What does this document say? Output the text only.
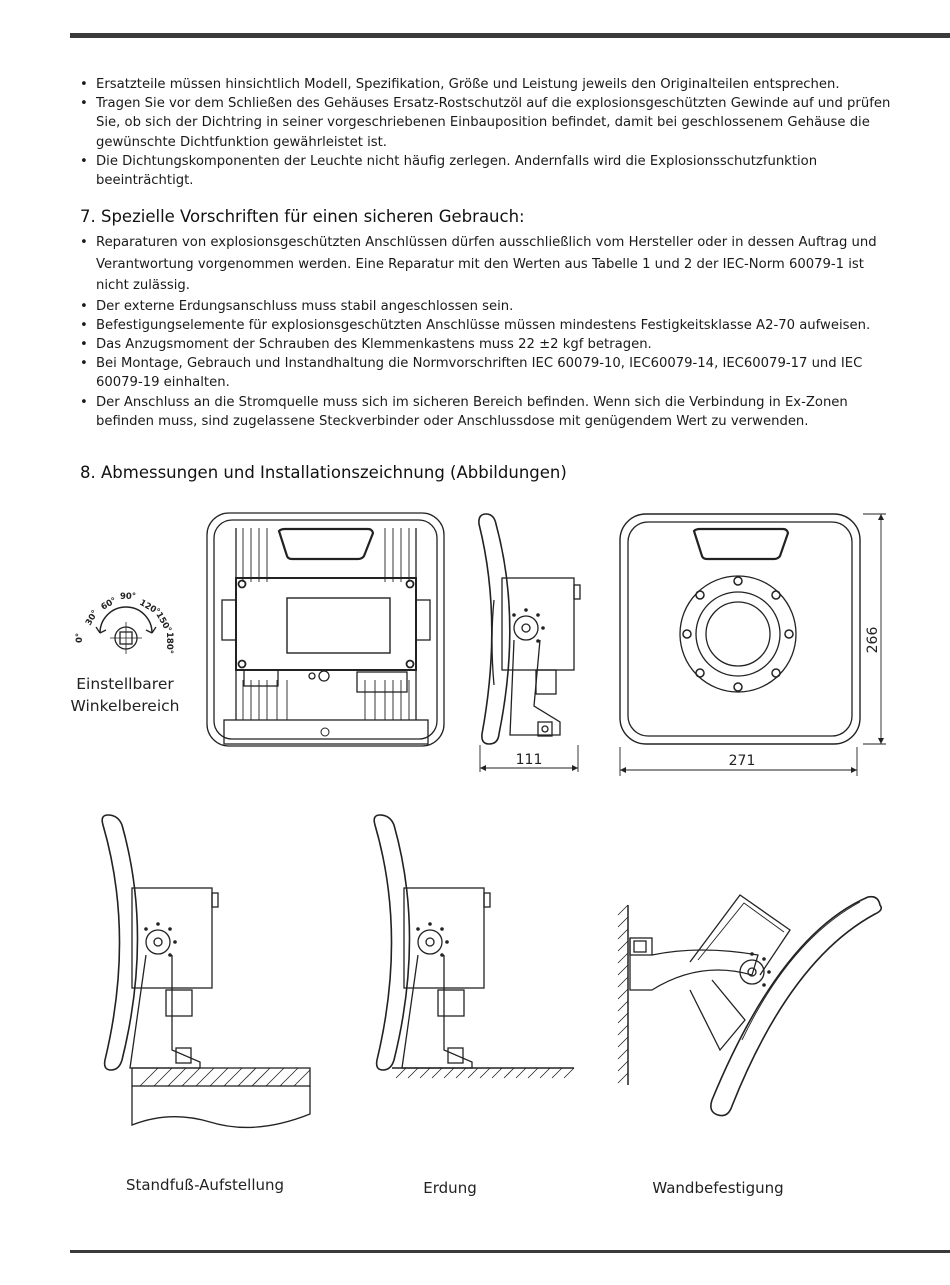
• Ersatzteile müssen hinsichtlich Modell, Spezifikation, Größe und Leistung jeweils den Originalteilen entsprechen.
• Tragen Sie vor dem Schließen des Gehäuses Ersatz-Rostschutzöl auf die explosionsgeschützten Gewinde auf und prüfen Sie, ob sich der Dichtring in seiner vorgeschriebenen Einbauposition befindet, damit bei geschlossenem Gehäuse die gewünschte Dichtfunktion gewährleistet ist.
• Die Dichtungskomponenten der Leuchte nicht häufig zerlegen. Andernfalls wird die Explosionsschutzfunktion beeinträchtigt.
7. Spezielle Vorschriften für einen sicheren Gebrauch:
• Reparaturen von explosionsgeschützten Anschlüssen dürfen ausschließlich vom Hersteller oder in dessen Auftrag und Verantwortung vorgenommen werden. Eine Reparatur mit den Werten aus Tabelle 1 und 2 der IEC-Norm 60079-1 ist nicht zulässig.
• Der externe Erdungsanschluss muss stabil angeschlossen sein.
• Befestigungselemente für explosionsgeschützten Anschlüsse müssen mindestens Festigkeitsklasse A2-70 aufweisen.
• Das Anzugsmoment der Schrauben des Klemmenkastens muss 22 ±2 kgf betragen.
• Bei Montage, Gebrauch und Instandhaltung die Normvorschriften IEC 60079-10, IEC60079-14, IEC60079-17 und IEC 60079-19 einhalten.
• Der Anschluss an die Stromquelle muss sich im sicheren Bereich befinden. Wenn sich die Verbindung in Ex-Zonen befinden muss, sind zugelassene Steckverbinder oder Anschlussdose mit genügendem Wert zu verwenden.
8. Abmessungen und Installationszeichnung (Abbildungen)
0°
30°
60° 90°
120°
150°
180°
Einstellbarer
Winkelbereich
111
266
271
Standfuß-Aufstellung	Erdung	Wandbefestigung
